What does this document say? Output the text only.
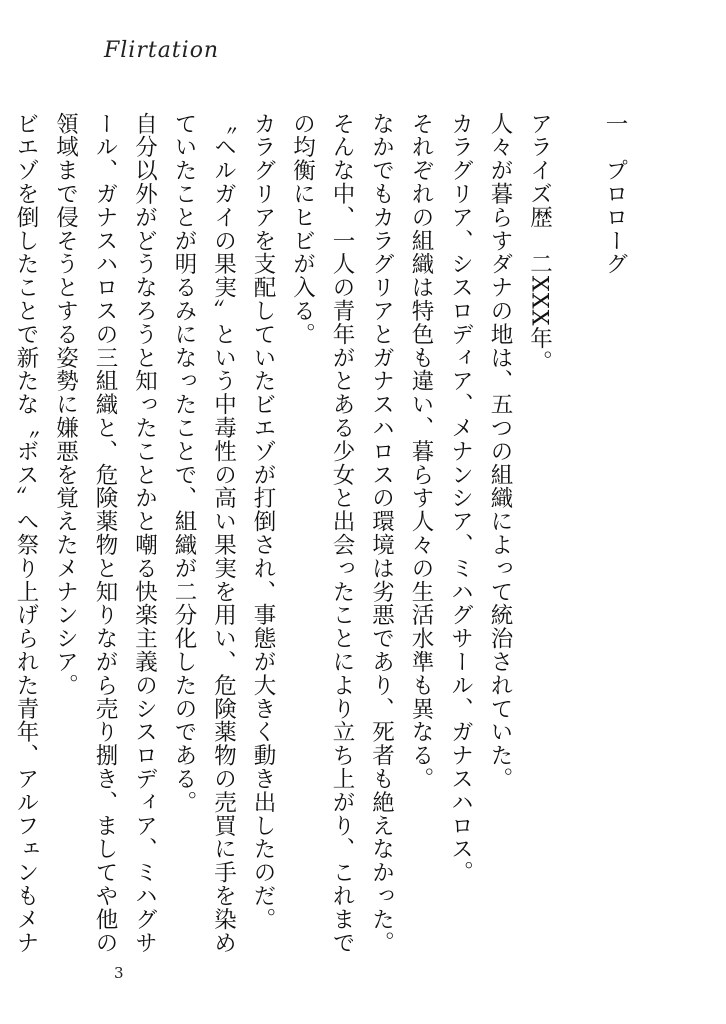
Flirtation
一　プロローグ

アライズ歴　二XXX年。

人々が暮らすダナの地は、五つの組織によって統治されていた。

カラグリア、シスロディア、メナンシア、ミハグサール、ガナスハロス。

それぞれの組織は特色も違い、暮らす人々の生活水準も異なる。

なかでもカラグリアとガナスハロスの環境は劣悪であり、死者も絶えなかった。

そんな中、一人の青年がとある少女と出会ったことにより立ち上がり、これまでの均衡にヒビが入る。

カラグリアを支配していたビエゾが打倒され、事態が大きく動き出したのだ。

〝ヘルガイの果実〟という中毒性の高い果実を用い、危険薬物の売買に手を染めていたことが明るみになったことで、組織が二分化したのである。

自分以外がどうなろうと知ったことかと嘲る快楽主義のシスロディア、ミハグサール、ガナスハロスの三組織と、危険薬物と知りながら売り捌き、ましてや他の領域まで侵そうとする姿勢に嫌悪を覚えたメナンシア。

ビエゾを倒したことで新たな〝ボス〟へ祭り上げられた青年、アルフェンもメナ

3
